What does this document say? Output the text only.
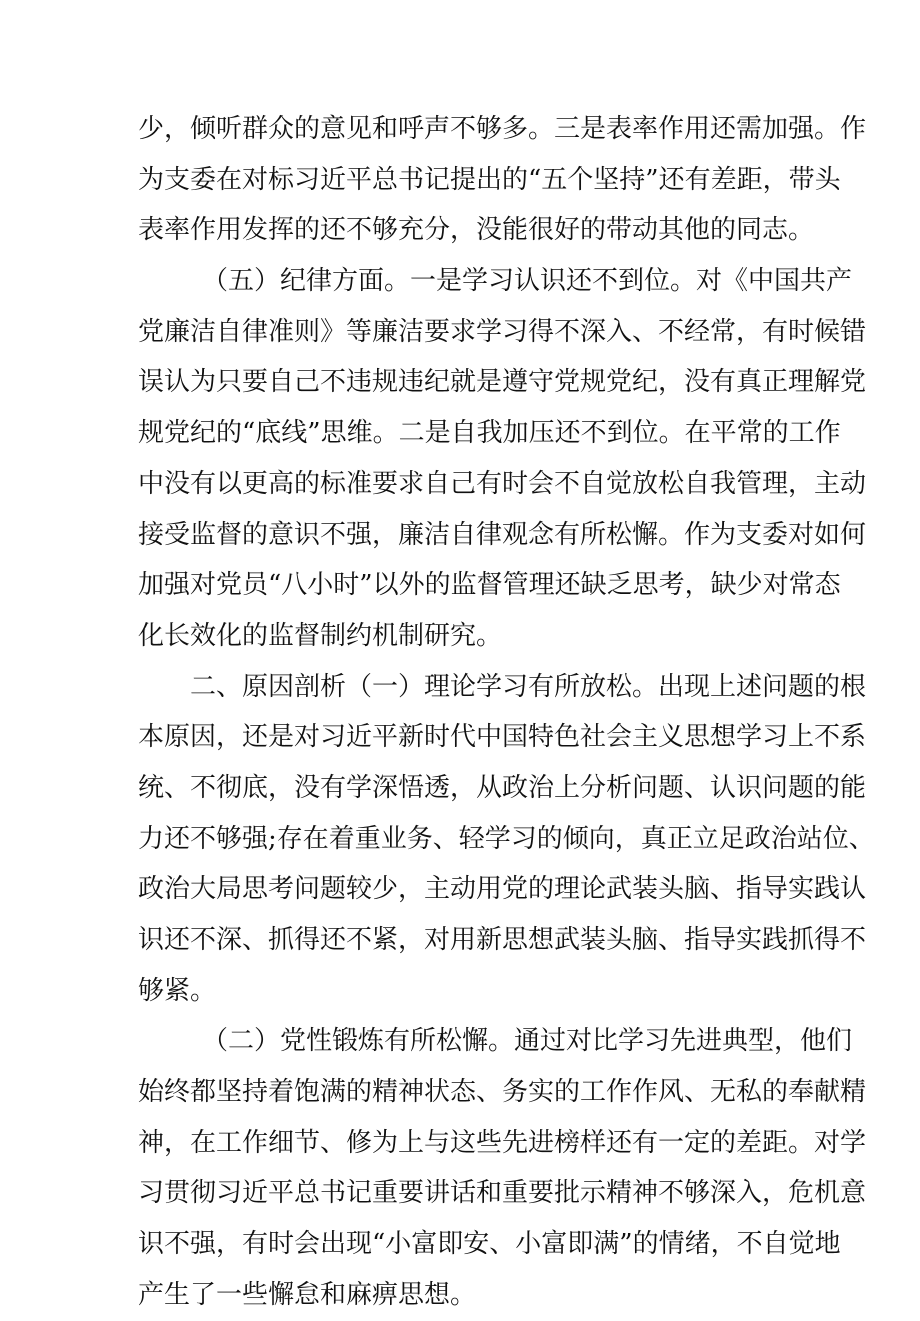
少，倾听群众的意见和呼声不够多。三是表率作用还需加强。作
为支委在对标习近平总书记提出的“五个坚持”还有差距，带头
表率作用发挥的还不够充分，没能很好的带动其他的同志。
（五）纪律方面。一是学习认识还不到位。对《中国共产
党廉洁自律准则》等廉洁要求学习得不深入、不经常，有时候错
误认为只要自己不违规违纪就是遵守党规党纪，没有真正理解党
规党纪的“底线”思维。二是自我加压还不到位。在平常的工作
中没有以更高的标准要求自己有时会不自觉放松自我管理，主动
接受监督的意识不强，廉洁自律观念有所松懈。作为支委对如何
加强对党员“八小时”以外的监督管理还缺乏思考，缺少对常态
化长效化的监督制约机制研究。
二、原因剖析（一）理论学习有所放松。出现上述问题的根
本原因，还是对习近平新时代中国特色社会主义思想学习上不系
统、不彻底，没有学深悟透，从政治上分析问题、认识问题的能
力还不够强;存在着重业务、轻学习的倾向，真正立足政治站位、
政治大局思考问题较少，主动用党的理论武装头脑、指导实践认
识还不深、抓得还不紧，对用新思想武装头脑、指导实践抓得不
够紧。
（二）党性锻炼有所松懈。通过对比学习先进典型，他们
始终都坚持着饱满的精神状态、务实的工作作风、无私的奉献精
神，在工作细节、修为上与这些先进榜样还有一定的差距。对学
习贯彻习近平总书记重要讲话和重要批示精神不够深入，危机意
识不强，有时会出现“小富即安、小富即满”的情绪，不自觉地
产生了一些懈怠和麻痹思想。
